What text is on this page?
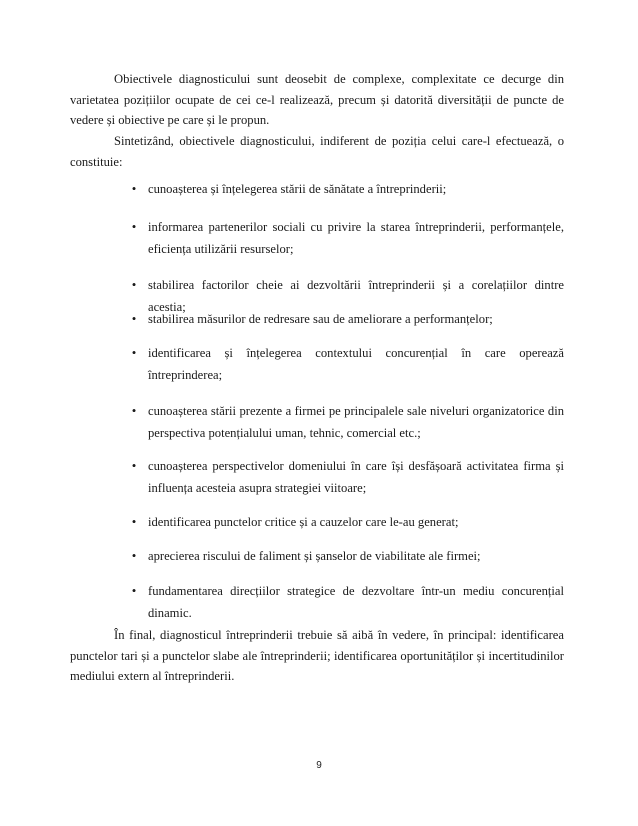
Obiectivele diagnosticului sunt deosebit de complexe, complexitate ce decurge din varietatea pozițiilor ocupate de cei ce-l realizează, precum și datorită diversității de puncte de vedere și obiective pe care și le propun.

Sintetizând, obiectivele diagnosticului, indiferent de poziția celui care-l efectuează, o constituie:

• cunoașterea și înțelegerea stării de sănătate a întreprinderii;

• informarea partenerilor sociali cu privire la starea întreprinderii, performanțele, eficiența utilizării resurselor;

• stabilirea factorilor cheie ai dezvoltării întreprinderii și a corelațiilor dintre acestia;

• stabilirea măsurilor de redresare sau de ameliorare a performanțelor;

• identificarea și înțelegerea contextului concurențial în care operează întreprinderea;

• cunoașterea stării prezente a firmei pe principalele sale niveluri organizatorice din perspectiva potențialului uman, tehnic, comercial etc.;

• cunoașterea perspectivelor domeniului în care își desfășoară activitatea firma și influența acesteia asupra strategiei viitoare;

• identificarea punctelor critice și a cauzelor care le-au generat;

• aprecierea riscului de faliment și șanselor de viabilitate ale firmei;

• fundamentarea direcțiilor strategice de dezvoltare într-un mediu concurențial dinamic.

În final, diagnosticul întreprinderii trebuie să aibă în vedere, în principal: identificarea punctelor tari și a punctelor slabe ale întreprinderii; identificarea oportunităților și incertitudinilor mediului extern al întreprinderii.

9
